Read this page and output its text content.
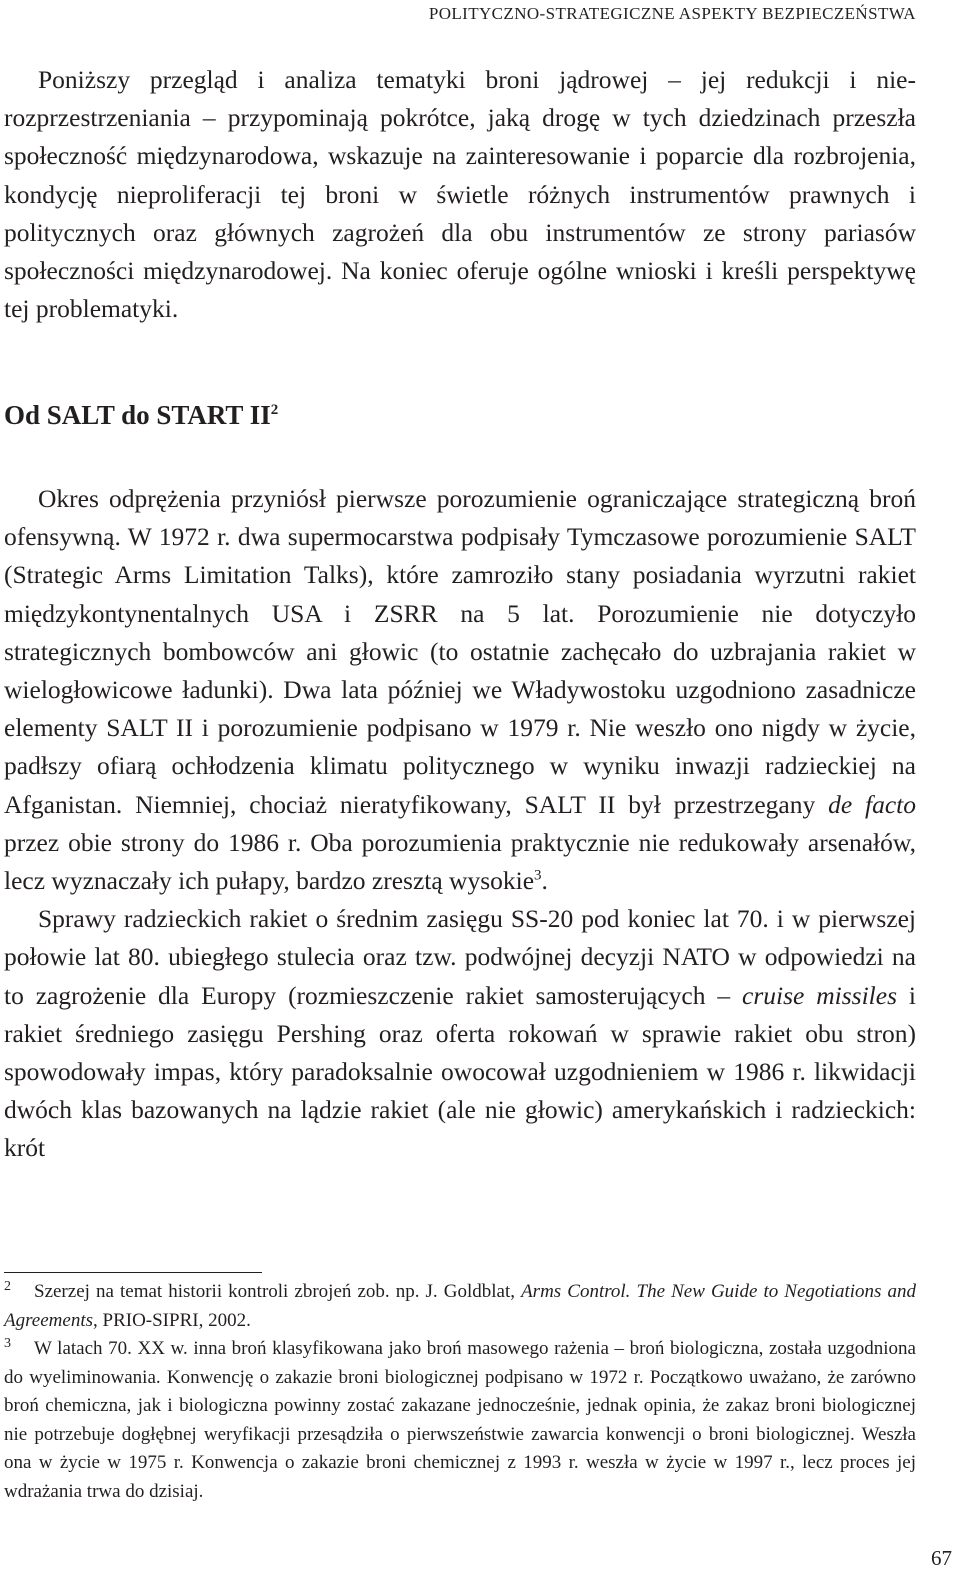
POLITYCZNO-STRATEGICZNE ASPEKTY BEZPIECZEŃSTWA

Poniższy przegląd i analiza tematyki broni jądrowej – jej redukcji i nierozprzestrzeniania – przypominają pokrótce, jaką drogę w tych dziedzinach przeszła społeczność międzynarodowa, wskazuje na zainteresowanie i poparcie dla rozbrojenia, kondycję nieproliferacji tej broni w świetle różnych instrumentów prawnych i politycznych oraz głównych zagrożeń dla obu instrumentów ze strony pariasów społeczności międzynarodowej. Na koniec oferuje ogólne wnioski i kreśli perspektywę tej problematyki.

Od SALT do START $II^2$

Okres odprężenia przyniósł pierwsze porozumienie ograniczające strategiczną broń ofensywną. W 1972 r. dwa supermocarstwa podpisały Tymczasowe porozumienie SALT (Strategic Arms Limitation Talks), które zamroziło stany posiadania wyrzutni rakiet międzykontynentalnych USA i ZSRR na 5 lat. Porozumienie nie dotyczyło strategicznych bombowców ani głowic (to ostatnie zachęcało do uzbrajania rakiet w wielogłowicowe ładunki). Dwa lata później we Władywostoku uzgodniono zasadnicze elementy SALT II i porozumienie podpisano w 1979 r. Nie weszło ono nigdy w życie, padłszy ofiarą ochłodzenia klimatu politycznego w wyniku inwazji radzieckiej na Afganistan. Niemniej, chociaż nieratyfikowany, SALT II był przestrzegany de facto przez obie strony do 1986 r. Oba porozumienia praktycznie nie redukowały arsenałów, lecz wyznaczały ich pułapy, bardzo zresztą wysokie$^3$.

Sprawy radzieckich rakiet o średnim zasięgu SS-20 pod koniec lat 70. i w pierwszej połowie lat 80. ubiegłego stulecia oraz tzw. podwójnej decyzji NATO w odpowiedzi na to zagrożenie dla Europy (rozmieszczenie rakiet samosterujących – cruise missiles i rakiet średniego zasięgu Pershing oraz oferta rokowań w sprawie rakiet obu stron) spowodowały impas, który paradoksalnie owocował uzgodnieniem w 1986 r. likwidacji dwóch klas bazowanych na lądzie rakiet (ale nie głowic) amerykańskich i radzieckich: krót

2 Szerzej na temat historii kontroli zbrojeń zob. np. J. Goldblat, Arms Control. The New Guide to Negotiations and Agreements, PRIO-SIPRI, 2002.

3 W latach 70. XX w. inna broń klasyfikowana jako broń masowego rażenia – broń biologiczna, została uzgodniona do wyeliminowania. Konwencję o zakazie broni biologicznej podpisano w 1972 r. Początkowo uważano, że zarówno broń chemiczna, jak i biologiczna powinny zostać zakazane jednocześnie, jednak opinia, że zakaz broni biologicznej nie potrzebuje dogłębnej weryfikacji przesądziła o pierwszeństwie zawarcia konwencji o broni biologicznej. Weszła ona w życie w 1975 r. Konwencja o zakazie broni chemicznej z 1993 r. weszła w życie w 1997 r., lecz proces jej wdrażania trwa do dzisiaj.

67
